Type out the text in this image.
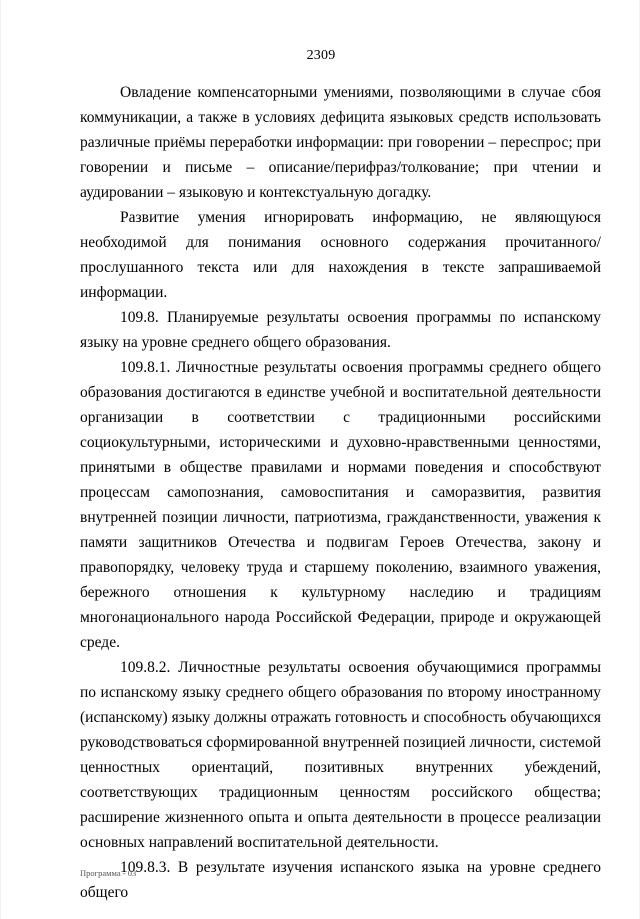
2309

Овладение компенсаторными умениями, позволяющими в случае сбоя коммуникации, а также в условиях дефицита языковых средств использовать различные приёмы переработки информации: при говорении – переспрос; при говорении и письме – описание/перифраз/толкование; при чтении и аудировании – языковую и контекстуальную догадку.

Развитие умения игнорировать информацию, не являющуюся необходимой для понимания основного содержания прочитанного/прослушанного текста или для нахождения в тексте запрашиваемой информации.

109.8. Планируемые результаты освоения программы по испанскому языку на уровне среднего общего образования.

109.8.1. Личностные результаты освоения программы среднего общего образования достигаются в единстве учебной и воспитательной деятельности организации в соответствии с традиционными российскими социокультурными, историческими и духовно-нравственными ценностями, принятыми в обществе правилами и нормами поведения и способствуют процессам самопознания, самовоспитания и саморазвития, развития внутренней позиции личности, патриотизма, гражданственности, уважения к памяти защитников Отечества и подвигам Героев Отечества, закону и правопорядку, человеку труда и старшему поколению, взаимного уважения, бережного отношения к культурному наследию и традициям многонационального народа Российской Федерации, природе и окружающей среде.

109.8.2. Личностные результаты освоения обучающимися программы по испанскому языку среднего общего образования по второму иностранному (испанскому) языку должны отражать готовность и способность обучающихся руководствоваться сформированной внутренней позицией личности, системой ценностных ориентаций, позитивных внутренних убеждений, соответствующих традиционным ценностям российского общества; расширение жизненного опыта и опыта деятельности в процессе реализации основных направлений воспитательной деятельности.

109.8.3. В результате изучения испанского языка на уровне среднего общего

Программа - 03
